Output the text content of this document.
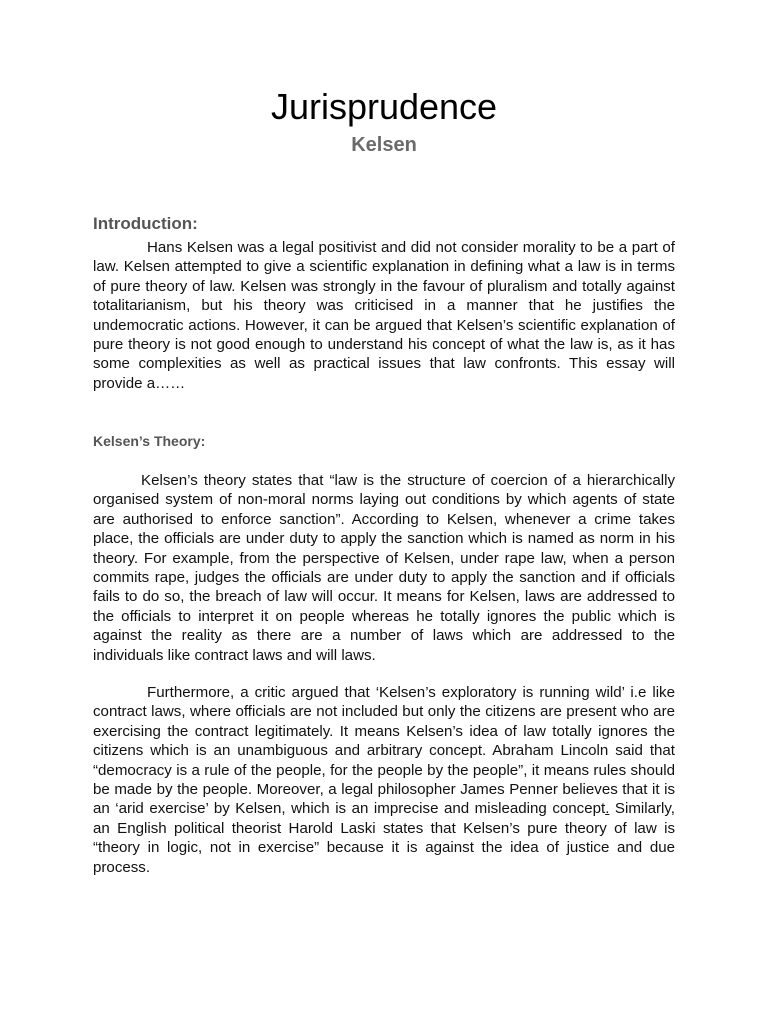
Jurisprudence
Kelsen
Introduction:
Hans Kelsen was a legal positivist and did not consider morality to be a part of law. Kelsen attempted to give a scientific explanation in defining what a law is in terms of pure theory of law. Kelsen was strongly in the favour of pluralism and totally against totalitarianism, but his theory was criticised in a manner that he justifies the undemocratic actions. However, it can be argued that Kelsen’s scientific explanation of pure theory is not good enough to understand his concept of what the law is, as it has some complexities as well as practical issues that law confronts. This essay will provide a……
Kelsen’s Theory:
Kelsen’s theory states that “law is the structure of coercion of a hierarchically organised system of non-moral norms laying out conditions by which agents of state are authorised to enforce sanction”. According to Kelsen, whenever a crime takes place, the officials are under duty to apply the sanction which is named as norm in his theory. For example, from the perspective of Kelsen, under rape law, when a person commits rape, judges the officials are under duty to apply the sanction and if officials fails to do so, the breach of law will occur. It means for Kelsen, laws are addressed to the officials to interpret it on people whereas he totally ignores the public which is against the reality as there are a number of laws which are addressed to the individuals like contract laws and will laws.
Furthermore, a critic argued that ‘Kelsen’s exploratory is running wild’ i.e like contract laws, where officials are not included but only the citizens are present who are exercising the contract legitimately. It means Kelsen’s idea of law totally ignores the citizens which is an unambiguous and arbitrary concept. Abraham Lincoln said that “democracy is a rule of the people, for the people by the people”, it means rules should be made by the people. Moreover, a legal philosopher James Penner believes that it is an ‘arid exercise’ by Kelsen, which is an imprecise and misleading concept. Similarly, an English political theorist Harold Laski states that Kelsen’s pure theory of law is “theory in logic, not in exercise” because it is against the idea of justice and due process.
